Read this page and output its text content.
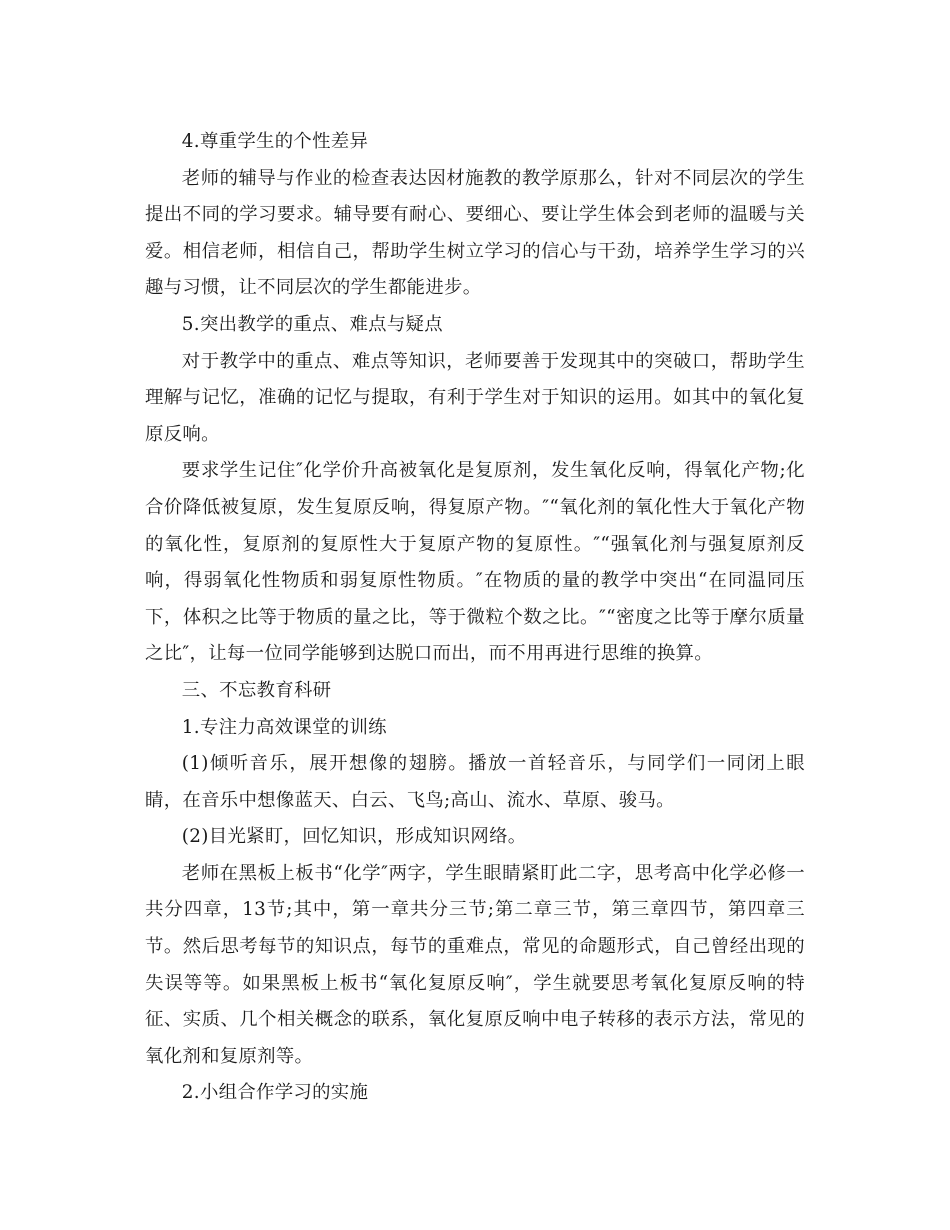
4.尊重学生的个性差异

老师的辅导与作业的检查表达因材施教的教学原那么，针对不同层次的学生提出不同的学习要求。辅导要有耐心、要细心、要让学生体会到老师的温暖与关爱。相信老师，相信自己，帮助学生树立学习的信心与干劲，培养学生学习的兴趣与习惯，让不同层次的学生都能进步。

5.突出教学的重点、难点与疑点

对于教学中的重点、难点等知识，老师要善于发现其中的突破口，帮助学生理解与记忆，准确的记忆与提取，有利于学生对于知识的运用。如其中的氧化复原反响。

要求学生记住″化学价升高被氧化是复原剂，发生氧化反响，得氧化产物;化合价降低被复原，发生复原反响，得复原产物。″“氧化剂的氧化性大于氧化产物的氧化性，复原剂的复原性大于复原产物的复原性。″“强氧化剂与强复原剂反响，得弱氧化性物质和弱复原性物质。″在物质的量的教学中突出“在同温同压下，体积之比等于物质的量之比，等于微粒个数之比。″“密度之比等于摩尔质量之比″，让每一位同学能够到达脱口而出，而不用再进行思维的换算。

三、不忘教育科研

1.专注力高效课堂的训练

(1)倾听音乐，展开想像的翅膀。播放一首轻音乐，与同学们一同闭上眼睛，在音乐中想像蓝天、白云、飞鸟;高山、流水、草原、骏马。

(2)目光紧盯，回忆知识，形成知识网络。

老师在黑板上板书“化学″两字，学生眼睛紧盯此二字，思考高中化学必修一共分四章，13节;其中，第一章共分三节;第二章三节，第三章四节，第四章三节。然后思考每节的知识点，每节的重难点，常见的命题形式，自己曾经出现的失误等等。如果黑板上板书“氧化复原反响″，学生就要思考氧化复原反响的特征、实质、几个相关概念的联系，氧化复原反响中电子转移的表示方法，常见的氧化剂和复原剂等。

2.小组合作学习的实施
